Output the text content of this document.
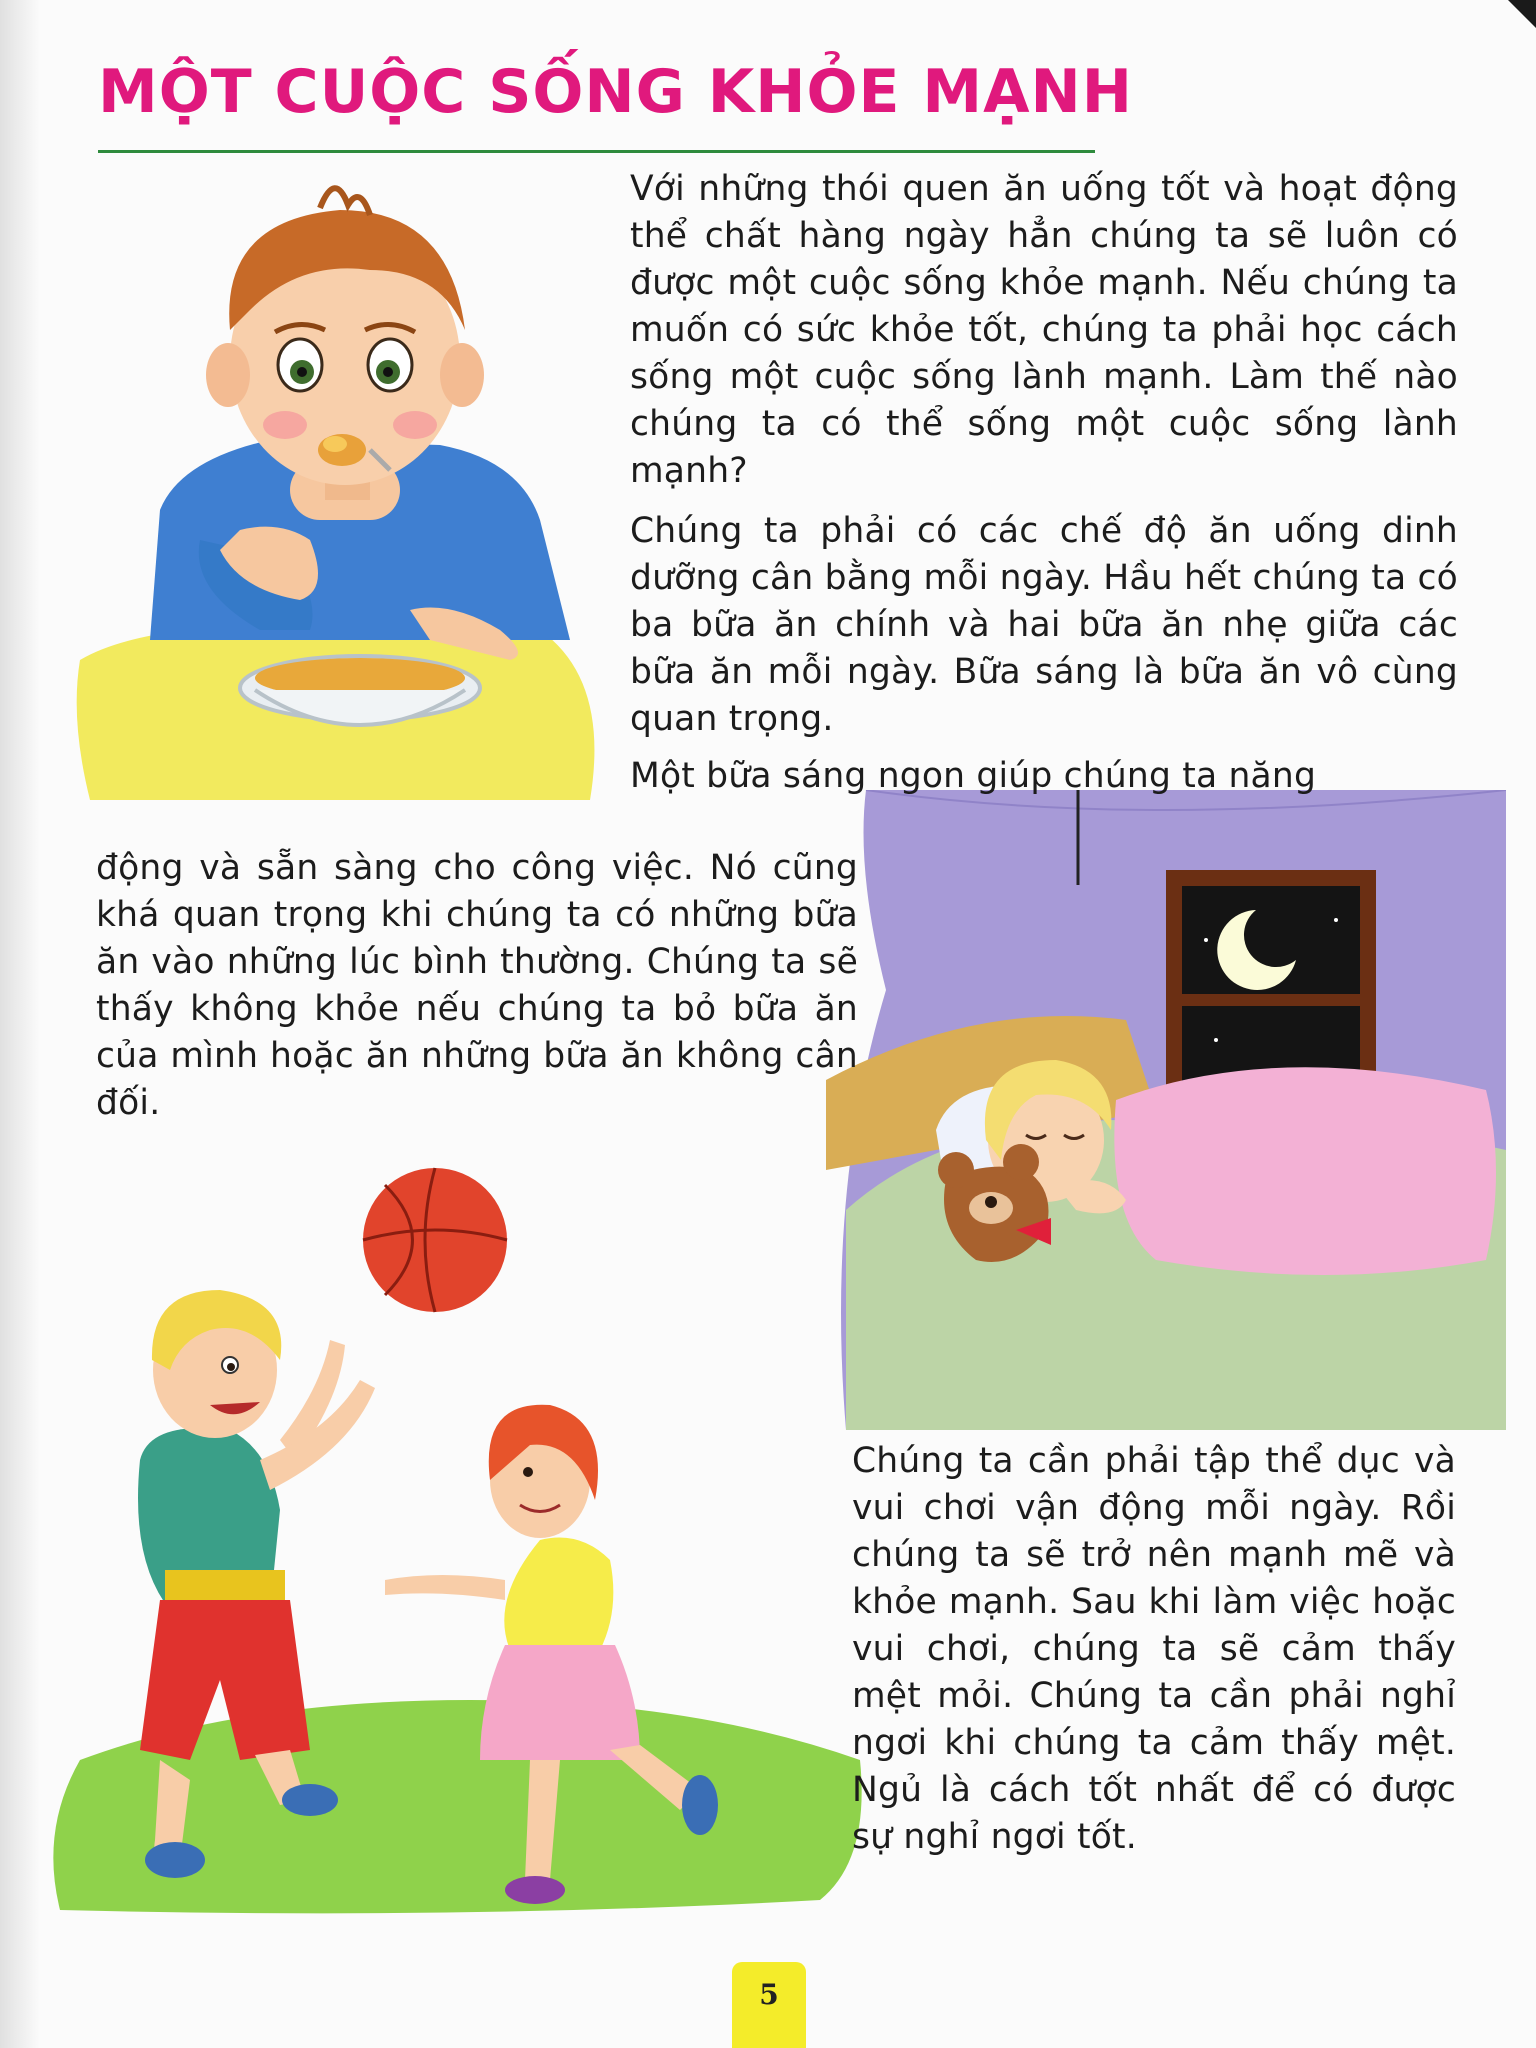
MỘT CUỘC SỐNG KHỎE MẠNH

Với những thói quen ăn uống tốt và hoạt động thể chất hàng ngày hẳn chúng ta sẽ luôn có được một cuộc sống khỏe mạnh. Nếu chúng ta muốn có sức khỏe tốt, chúng ta phải học cách sống một cuộc sống lành mạnh. Làm thế nào chúng ta có thể sống một cuộc sống lành mạnh?

Chúng ta phải có các chế độ ăn uống dinh dưỡng cân bằng mỗi ngày. Hầu hết chúng ta có ba bữa ăn chính và hai bữa ăn nhẹ giữa các bữa ăn mỗi ngày. Bữa sáng là bữa ăn vô cùng quan trọng.

Một bữa sáng ngon giúp chúng ta năng

động và sẵn sàng cho công việc. Nó cũng khá quan trọng khi chúng ta có những bữa ăn vào những lúc bình thường. Chúng ta sẽ thấy không khỏe nếu chúng ta bỏ bữa ăn của mình hoặc ăn những bữa ăn không cân đối.

Chúng ta cần phải tập thể dục và vui chơi vận động mỗi ngày. Rồi chúng ta sẽ trở nên mạnh mẽ và khỏe mạnh. Sau khi làm việc hoặc vui chơi, chúng ta sẽ cảm thấy mệt mỏi. Chúng ta cần phải nghỉ ngơi khi chúng ta cảm thấy mệt. Ngủ là cách tốt nhất để có được sự nghỉ ngơi tốt.

5
